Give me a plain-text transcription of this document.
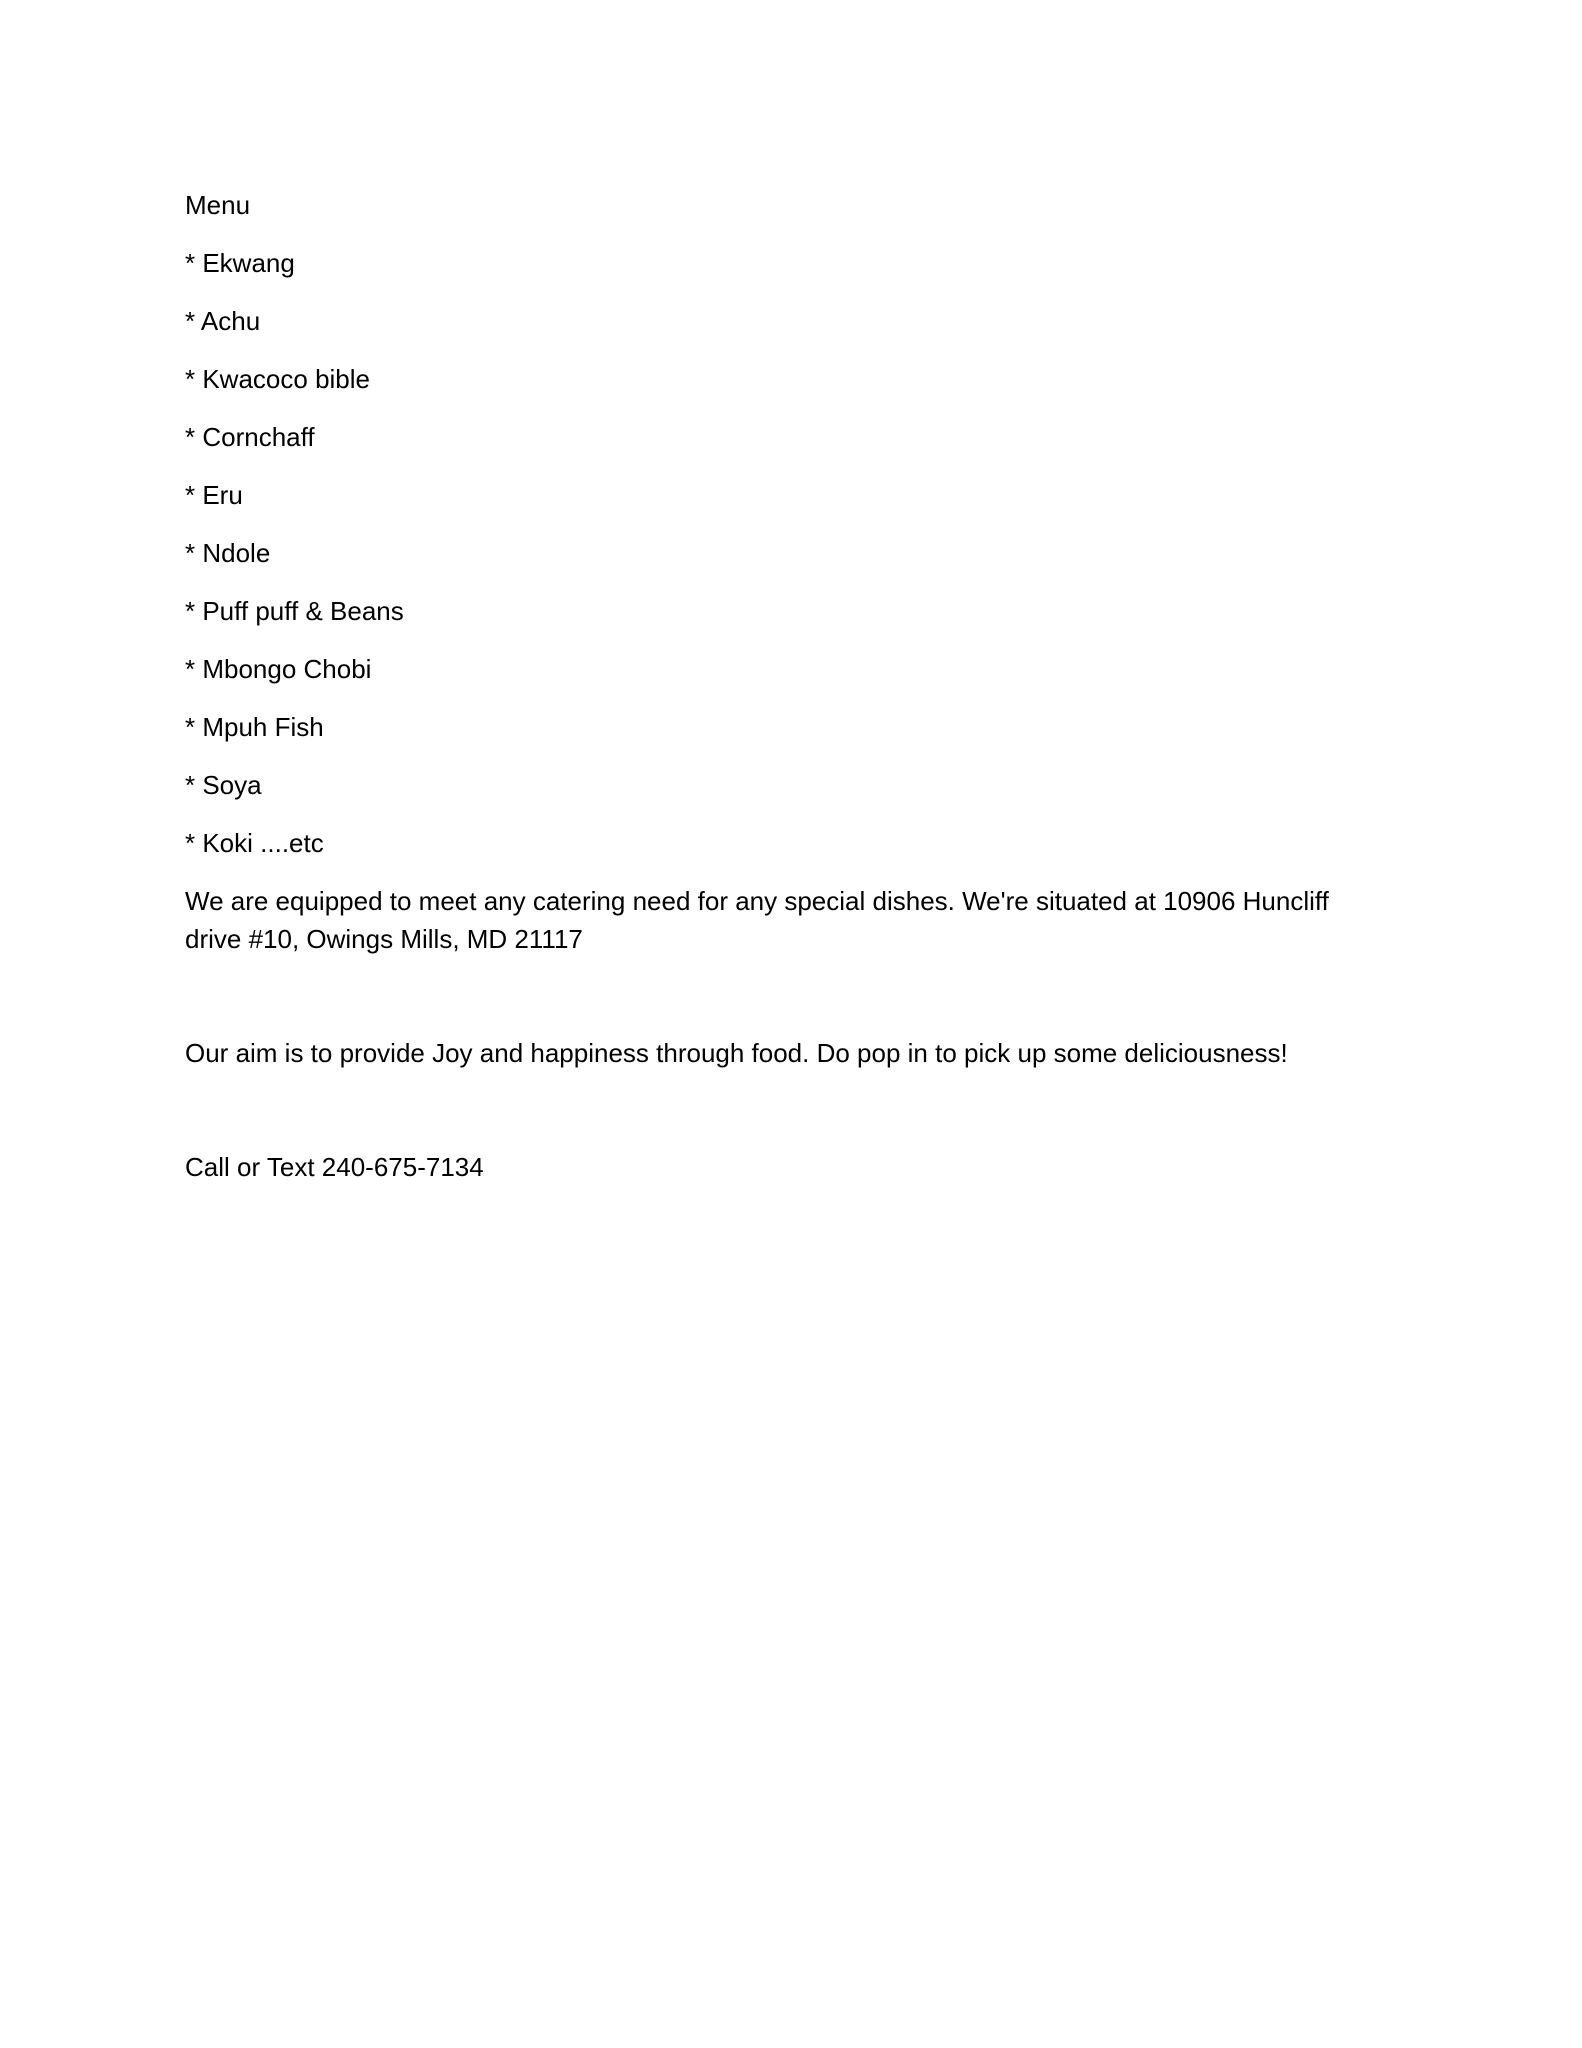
Menu

* Ekwang

* Achu

* Kwacoco bible

* Cornchaff

* Eru

* Ndole

* Puff puff & Beans

* Mbongo Chobi

* Mpuh Fish

* Soya

* Koki ....etc

We are equipped to meet any catering need for any special dishes. We're situated at 10906 Huncliff drive #10, Owings Mills, MD 21117

Our aim is to provide Joy and happiness through food. Do pop in to pick up some deliciousness!

Call or Text 240-675-7134
